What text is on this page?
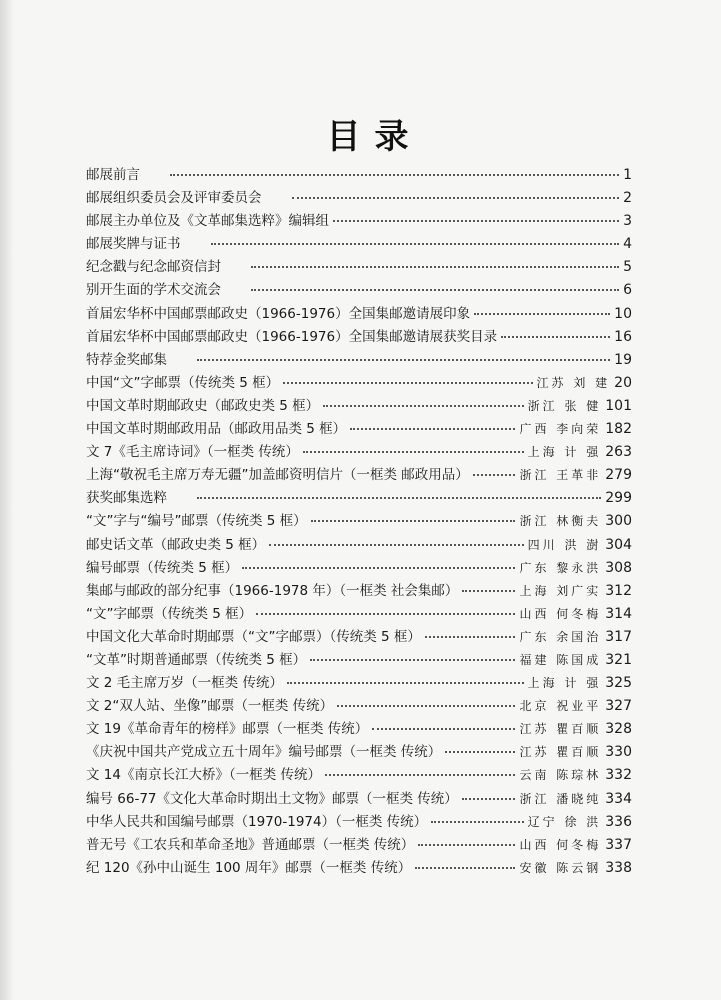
目录
邮展前言	1
邮展组织委员会及评审委员会	2
邮展主办单位及《文革邮集选粹》编辑组	3
邮展奖牌与证书	4
纪念戳与纪念邮资信封	5
别开生面的学术交流会	6
首届宏华杯中国邮票邮政史（1966-1976）全国集邮邀请展印象	10
首届宏华杯中国邮票邮政史（1966-1976）全国集邮邀请展获奖目录	16
特荐金奖邮集	19
中国“文”字邮票（传统类 5 框）	江苏 刘 建 20
中国文革时期邮政史（邮政史类 5 框）	浙江 张 健 101
中国文革时期邮政用品（邮政用品类 5 框）	广西 李向荣 182
文 7《毛主席诗词》（一框类 传统）	上海 计 强 263
上海“敬祝毛主席万寿无疆”加盖邮资明信片（一框类 邮政用品）	浙江 王革非 279
获奖邮集选粹	299
“文”字与“编号”邮票（传统类 5 框）	浙江 林衡夫 300
邮史话文革（邮政史类 5 框）	四川 洪 澍 304
编号邮票（传统类 5 框）	广东 黎永洪 308
集邮与邮政的部分纪事（1966-1978 年）（一框类 社会集邮）	上海 刘广实 312
“文”字邮票（传统类 5 框）	山西 何冬梅 314
中国文化大革命时期邮票（“文”字邮票）（传统类 5 框）	广东 余国治 317
“文革”时期普通邮票（传统类 5 框）	福建 陈国成 321
文 2 毛主席万岁（一框类 传统）	上海 计 强 325
文 2“双人站、坐像”邮票（一框类 传统）	北京 祝业平 327
文 19《革命青年的榜样》邮票（一框类 传统）	江苏 瞿百顺 328
《庆祝中国共产党成立五十周年》编号邮票（一框类 传统）	江苏 瞿百顺 330
文 14《南京长江大桥》（一框类 传统）	云南 陈琮林 332
编号 66-77《文化大革命时期出土文物》邮票（一框类 传统）	浙江 潘晓纯 334
中华人民共和国编号邮票（1970-1974）（一框类 传统）	辽宁 徐 洪 336
普无号《工农兵和革命圣地》普通邮票（一框类 传统）	山西 何冬梅 337
纪 120《孙中山诞生 100 周年》邮票（一框类 传统）	安徽 陈云钢 338
